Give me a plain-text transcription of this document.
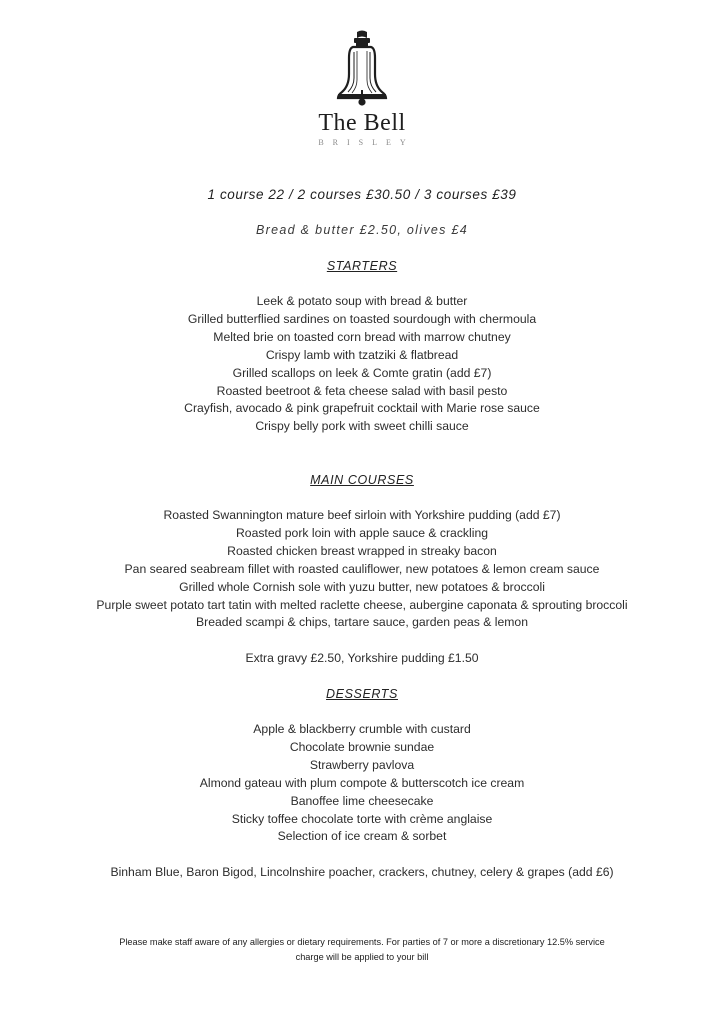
The Bell
BRISLEY
1 course 22 / 2 courses £30.50 / 3 courses £39
Bread & butter £2.50, olives £4
STARTERS
Leek & potato soup with bread & butter
Grilled butterflied sardines on toasted sourdough with chermoula
Melted brie on toasted corn bread with marrow chutney
Crispy lamb with tzatziki & flatbread
Grilled scallops on leek & Comte gratin (add £7)
Roasted beetroot & feta cheese salad with basil pesto
Crayfish, avocado & pink grapefruit cocktail with Marie rose sauce
Crispy belly pork with sweet chilli sauce
MAIN COURSES
Roasted Swannington mature beef sirloin with Yorkshire pudding (add £7)
Roasted pork loin with apple sauce & crackling
Roasted chicken breast wrapped in streaky bacon
Pan seared seabream fillet with roasted cauliflower, new potatoes & lemon cream sauce
Grilled whole Cornish sole with yuzu butter, new potatoes & broccoli
Purple sweet potato tart tatin with melted raclette cheese, aubergine caponata & sprouting broccoli
Breaded scampi & chips, tartare sauce, garden peas & lemon
Extra gravy £2.50, Yorkshire pudding £1.50
DESSERTS
Apple & blackberry crumble with custard
Chocolate brownie sundae
Strawberry pavlova
Almond gateau with plum compote & butterscotch ice cream
Banoffee lime cheesecake
Sticky toffee chocolate torte with crème anglaise
Selection of ice cream & sorbet
Binham Blue, Baron Bigod, Lincolnshire poacher, crackers, chutney, celery & grapes (add £6)
Please make staff aware of any allergies or dietary requirements. For parties of 7 or more a discretionary 12.5% service
charge will be applied to your bill
